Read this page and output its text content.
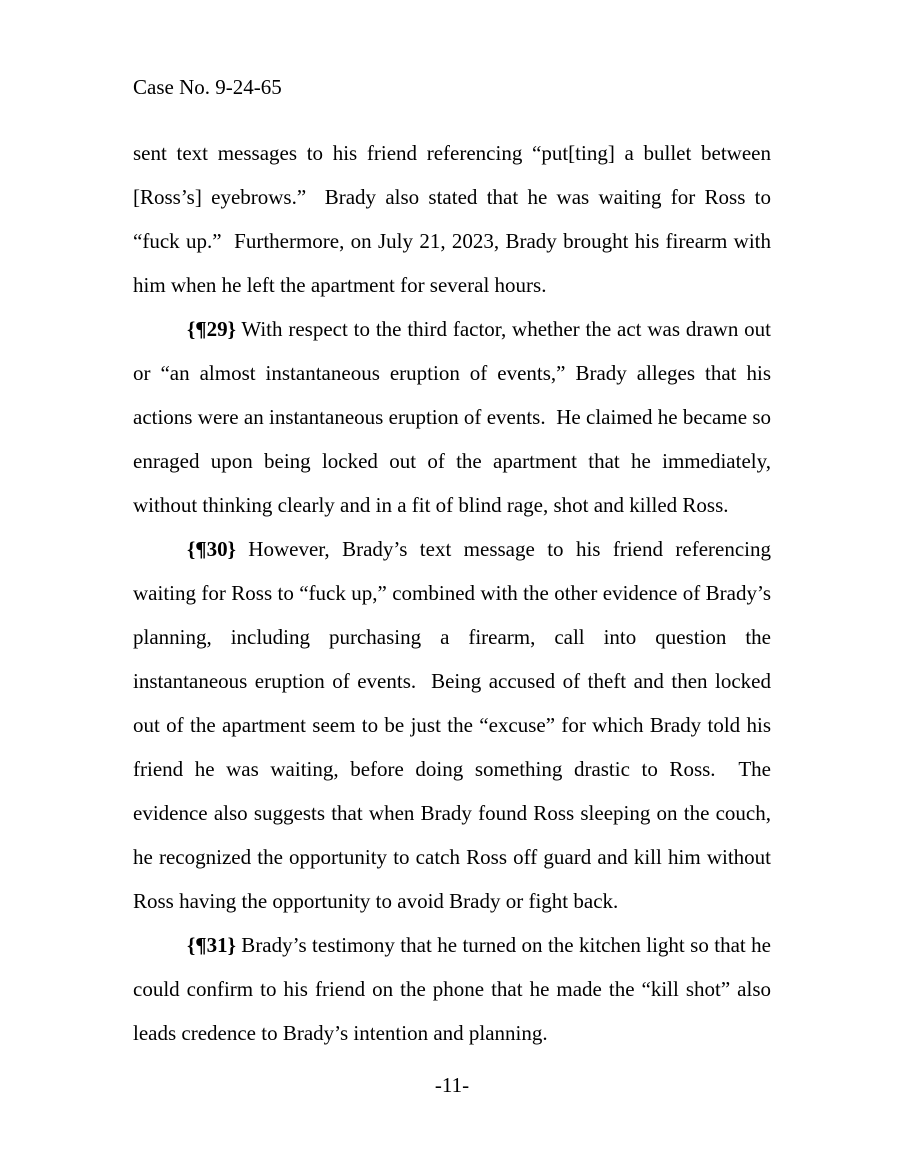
Case No. 9-24-65

sent text messages to his friend referencing “put[ting] a bullet between [Ross’s] eyebrows.”  Brady also stated that he was waiting for Ross to “fuck up.”  Furthermore, on July 21, 2023, Brady brought his firearm with him when he left the apartment for several hours.

{¶29} With respect to the third factor, whether the act was drawn out or “an almost instantaneous eruption of events,” Brady alleges that his actions were an instantaneous eruption of events.  He claimed he became so enraged upon being locked out of the apartment that he immediately, without thinking clearly and in a fit of blind rage, shot and killed Ross.

{¶30} However, Brady’s text message to his friend referencing waiting for Ross to “fuck up,” combined with the other evidence of Brady’s planning, including purchasing a firearm, call into question the instantaneous eruption of events.  Being accused of theft and then locked out of the apartment seem to be just the “excuse” for which Brady told his friend he was waiting, before doing something drastic to Ross.  The evidence also suggests that when Brady found Ross sleeping on the couch, he recognized the opportunity to catch Ross off guard and kill him without Ross having the opportunity to avoid Brady or fight back.

{¶31} Brady’s testimony that he turned on the kitchen light so that he could confirm to his friend on the phone that he made the “kill shot” also leads credence to Brady’s intention and planning.

-11-
